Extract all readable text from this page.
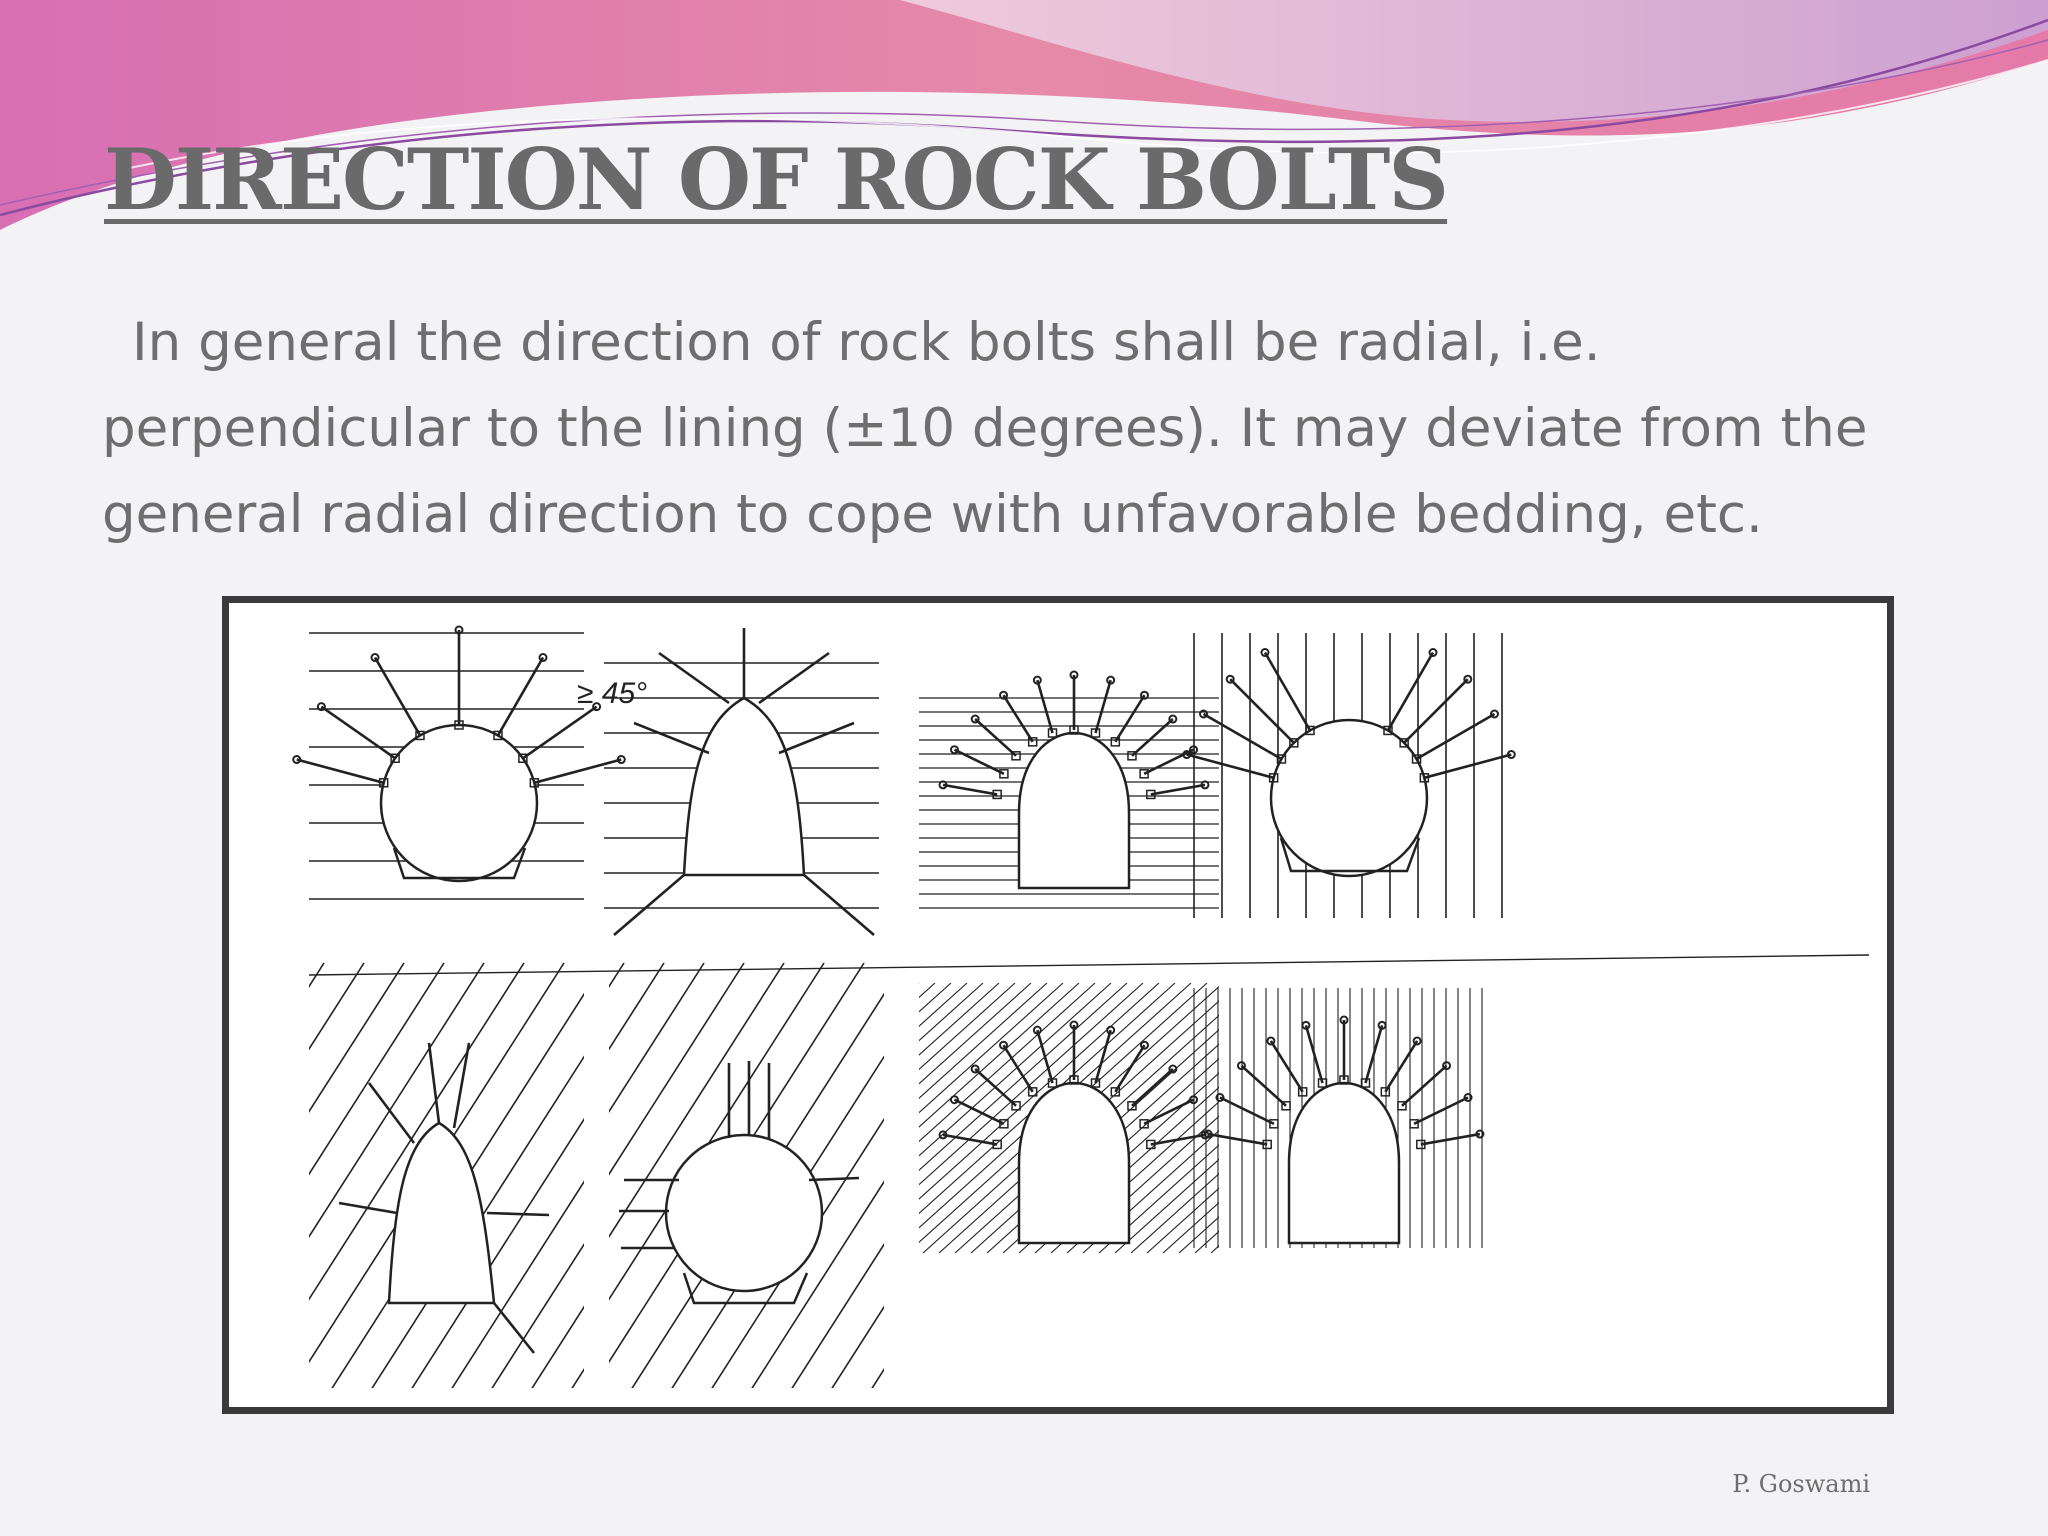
DIRECTION OF ROCK BOLTS
In general the direction of rock bolts shall be radial, i.e.
perpendicular to the lining (±10 degrees). It may deviate from the
general radial direction to cope with unfavorable bedding, etc.
≥ 45°
P. Goswami
